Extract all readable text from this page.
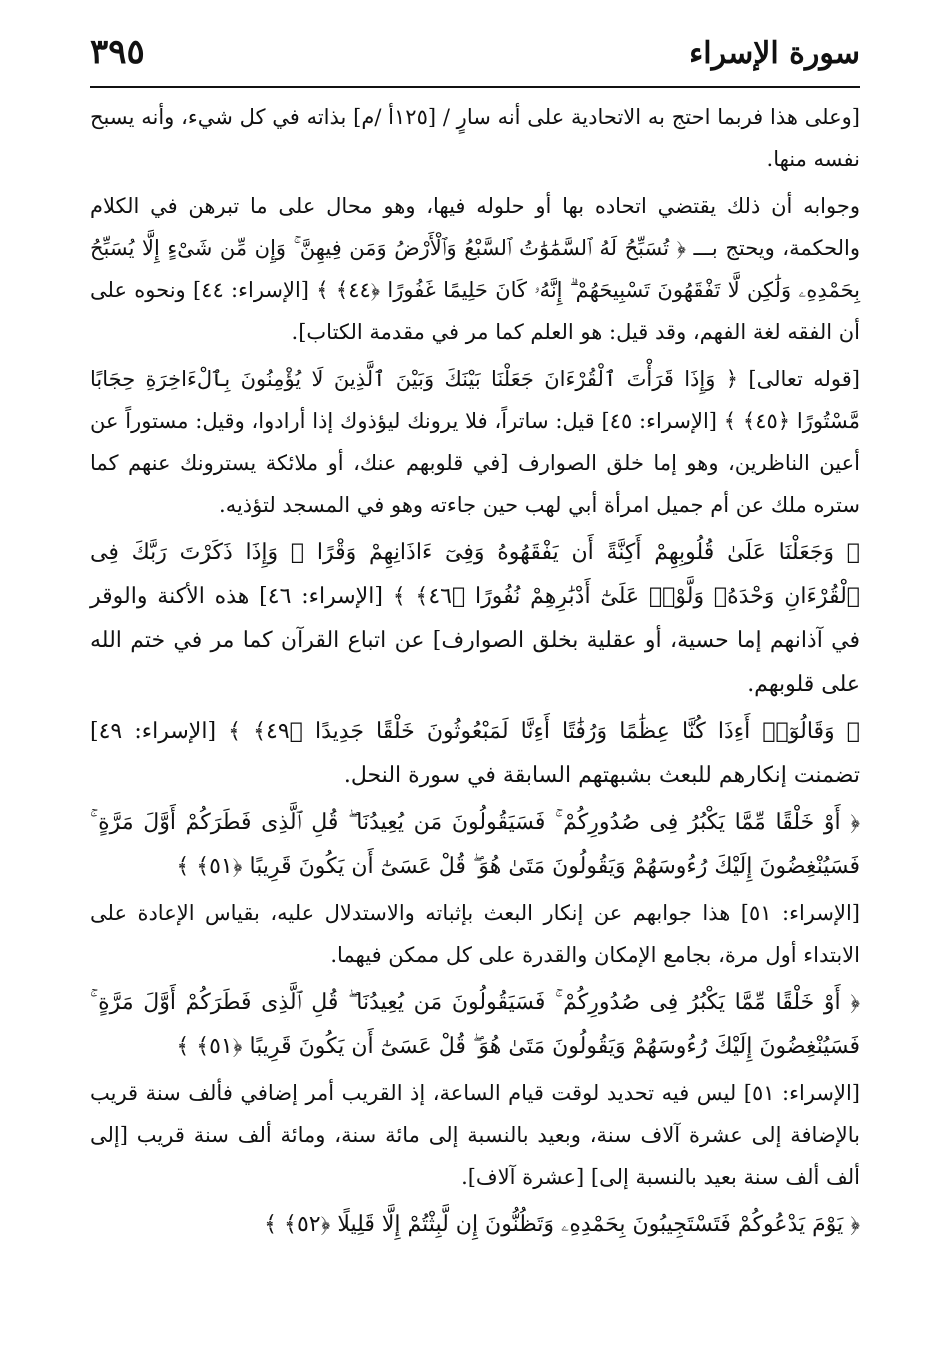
سورة الإسراء
٣٩٥

[وعلى هذا فربما احتج به الاتحادية على أنه سارٍ / [١٢٥أ /م] بذاته في كل شيء، وأنه يسبح نفسه منها.

وجوابه أن ذلك يقتضي اتحاده بها أو حلوله فيها، وهو محال على ما تبرهن في الكلام والحكمة، ويحتج بـــ ﴿ تُسَبِّحُ لَهُ ٱلسَّمَٰوَٰتُ ٱلسَّبْعُ وَٱلْأَرْضُ وَمَن فِيهِنَّ ۚ وَإِن مِّن شَىْءٍ إِلَّا يُسَبِّحُ بِحَمْدِهِۦ وَلَٰكِن لَّا تَفْقَهُونَ تَسْبِيحَهُمْ ۗ إِنَّهُۥ كَانَ حَلِيمًا غَفُورًا ﴿٤٤﴾ ﴾ [الإسراء: ٤٤] ونحوه على أن الفقه لغة الفهم، وقد قيل: هو العلم كما مر في مقدمة الكتاب].

[قوله تعالى] ﴿ وَإِذَا قَرَأْتَ ٱلْقُرْءَانَ جَعَلْنَا بَيْنَكَ وَبَيْنَ ٱلَّذِينَ لَا يُؤْمِنُونَ بِٱلْءَاخِرَةِ حِجَابًا مَّسْتُورًا ﴿٤٥﴾ ﴾ [الإسراء: ٤٥] قيل: ساتراً، فلا يرونك ليؤذوك إذا أرادوا، وقيل: مستوراً عن أعين الناظرين، وهو إما خلق الصوارف [في قلوبهم عنك، أو ملائكة يسترونك عنهم كما ستره ملك عن أم جميل امرأة أبي لهب حين جاءته وهو في المسجد لتؤذيه.

﴿ وَجَعَلْنَا عَلَىٰ قُلُوبِهِمْ أَكِنَّةً أَن يَفْقَهُوهُ وَفِىٓ ءَاذَانِهِمْ وَقْرًا ۚ وَإِذَا ذَكَرْتَ رَبَّكَ فِى ٱلْقُرْءَانِ وَحْدَهُۥ وَلَّوْا۟ عَلَىٰٓ أَدْبَٰرِهِمْ نُفُورًا ﴿٤٦﴾ ﴾ [الإسراء: ٤٦] هذه الأكنة والوقر في آذانهم إما حسية، أو عقلية بخلق الصوارف] عن اتباع القرآن كما مر في ختم الله على قلوبهم.

﴿ وَقَالُوٓا۟ أَءِذَا كُنَّا عِظَٰمًا وَرُفَٰتًا أَءِنَّا لَمَبْعُوثُونَ خَلْقًا جَدِيدًا ﴿٤٩﴾ ﴾ [الإسراء: ٤٩] تضمنت إنكارهم للبعث بشبهتهم السابقة في سورة النحل.

﴿ أَوْ خَلْقًا مِّمَّا يَكْبُرُ فِى صُدُورِكُمْ ۚ فَسَيَقُولُونَ مَن يُعِيدُنَا ۖ قُلِ ٱلَّذِى فَطَرَكُمْ أَوَّلَ مَرَّةٍ ۚ فَسَيُنْغِضُونَ إِلَيْكَ رُءُوسَهُمْ وَيَقُولُونَ مَتَىٰ هُوَ ۖ قُلْ عَسَىٰٓ أَن يَكُونَ قَرِيبًا ﴿٥١﴾ ﴾

[الإسراء: ٥١] هذا جوابهم عن إنكار البعث بإثباته والاستدلال عليه، بقياس الإعادة على الابتداء أول مرة، بجامع الإمكان والقدرة على كل ممكن فيهما.

﴿ أَوْ خَلْقًا مِّمَّا يَكْبُرُ فِى صُدُورِكُمْ ۚ فَسَيَقُولُونَ مَن يُعِيدُنَا ۖ قُلِ ٱلَّذِى فَطَرَكُمْ أَوَّلَ مَرَّةٍ ۚ فَسَيُنْغِضُونَ إِلَيْكَ رُءُوسَهُمْ وَيَقُولُونَ مَتَىٰ هُوَ ۖ قُلْ عَسَىٰٓ أَن يَكُونَ قَرِيبًا ﴿٥١﴾ ﴾

[الإسراء: ٥١] ليس فيه تحديد لوقت قيام الساعة، إذ القريب أمر إضافي فألف سنة قريب بالإضافة إلى عشرة آلاف سنة، وبعيد بالنسبة إلى مائة سنة، ومائة ألف سنة قريب [إلى ألف ألف سنة بعيد بالنسبة إلى] [عشرة آلاف].

﴿ يَوْمَ يَدْعُوكُمْ فَتَسْتَجِيبُونَ بِحَمْدِهِۦ وَتَظُنُّونَ إِن لَّبِثْتُمْ إِلَّا قَلِيلًا ﴿٥٢﴾ ﴾
